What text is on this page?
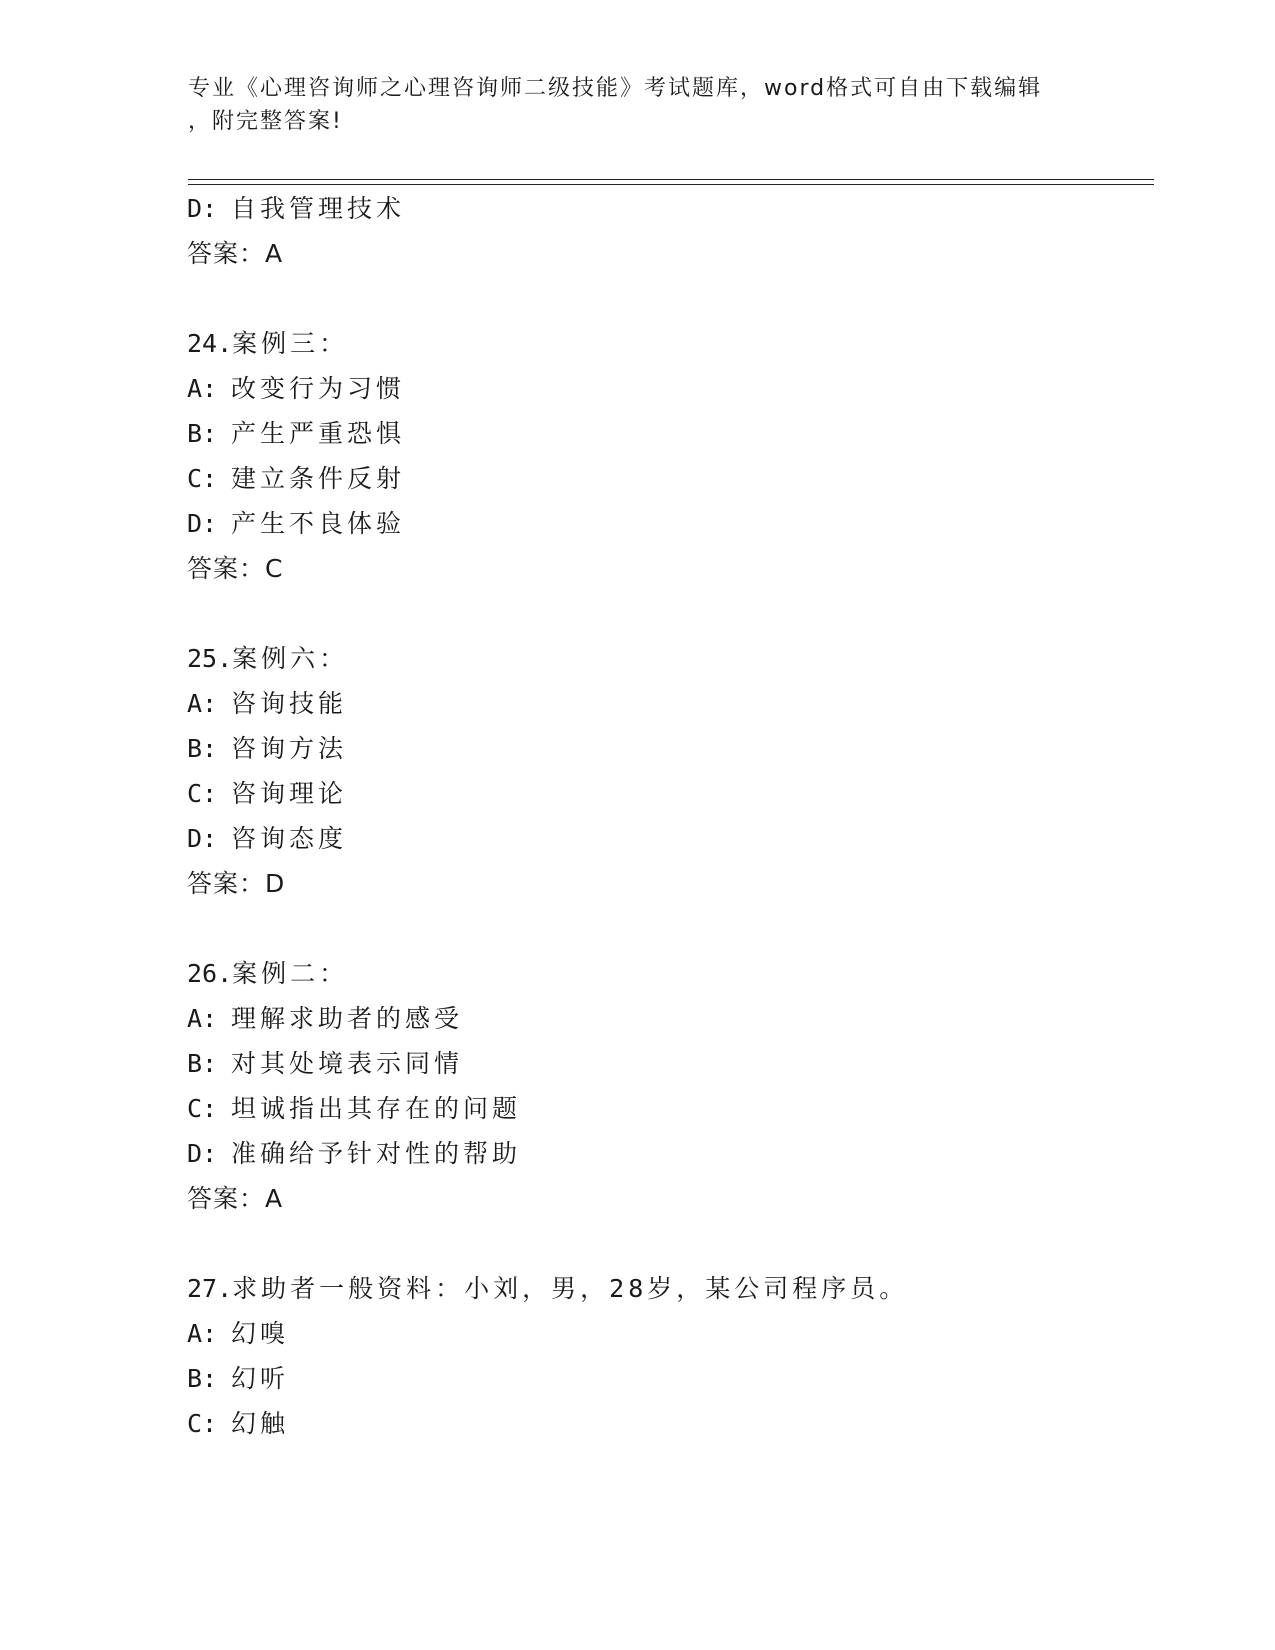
专业《心理咨询师之心理咨询师二级技能》考试题库，word格式可自由下载编辑
，附完整答案!
D: 自我管理技术
答案：A
24.案例三：
A: 改变行为习惯
B: 产生严重恐惧
C: 建立条件反射
D: 产生不良体验
答案：C
25.案例六：
A: 咨询技能
B: 咨询方法
C: 咨询理论
D: 咨询态度
答案：D
26.案例二：
A: 理解求助者的感受
B: 对其处境表示同情
C: 坦诚指出其存在的问题
D: 准确给予针对性的帮助
答案：A
27.求助者一般资料：小刘，男，28岁，某公司程序员。
A: 幻嗅
B: 幻听
C: 幻触
